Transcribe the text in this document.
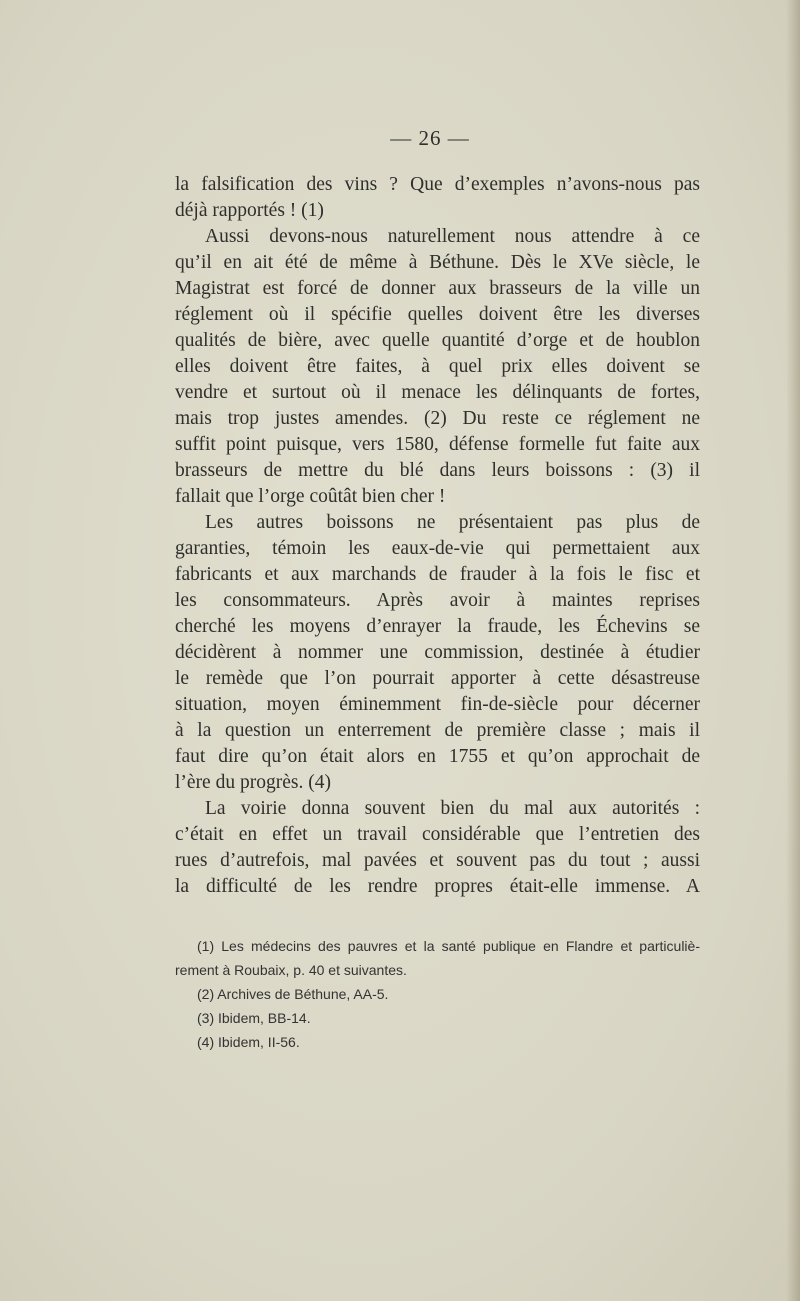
— 26 —
la falsification des vins ? Que d’exemples n’avons-nous pas
déjà rapportés ! (1)
Aussi devons-nous naturellement nous attendre à ce
qu’il en ait été de même à Béthune. Dès le XVe siècle, le
Magistrat est forcé de donner aux brasseurs de la ville un
réglement où il spécifie quelles doivent être les diverses
qualités de bière, avec quelle quantité d’orge et de houblon
elles doivent être faites, à quel prix elles doivent se
vendre et surtout où il menace les délinquants de fortes,
mais trop justes amendes. (2) Du reste ce réglement ne
suffit point puisque, vers 1580, défense formelle fut faite aux
brasseurs de mettre du blé dans leurs boissons : (3) il
fallait que l’orge coûtât bien cher !
Les autres boissons ne présentaient pas plus de
garanties, témoin les eaux-de-vie qui permettaient aux
fabricants et aux marchands de frauder à la fois le fisc et
les consommateurs. Après avoir à maintes reprises
cherché les moyens d’enrayer la fraude, les Échevins se
décidèrent à nommer une commission, destinée à étudier
le remède que l’on pourrait apporter à cette désastreuse
situation, moyen éminemment fin-de-siècle pour décerner
à la question un enterrement de première classe ; mais il
faut dire qu’on était alors en 1755 et qu’on approchait de
l’ère du progrès. (4)
La voirie donna souvent bien du mal aux autorités :
c’était en effet un travail considérable que l’entretien des
rues d’autrefois, mal pavées et souvent pas du tout ; aussi
la difficulté de les rendre propres était-elle immense. A
(1) Les médecins des pauvres et la santé publique en Flandre et particuliè-
rement à Roubaix, p. 40 et suivantes.
(2) Archives de Béthune, AA-5.
(3) Ibidem, BB-14.
(4) Ibidem, II-56.
